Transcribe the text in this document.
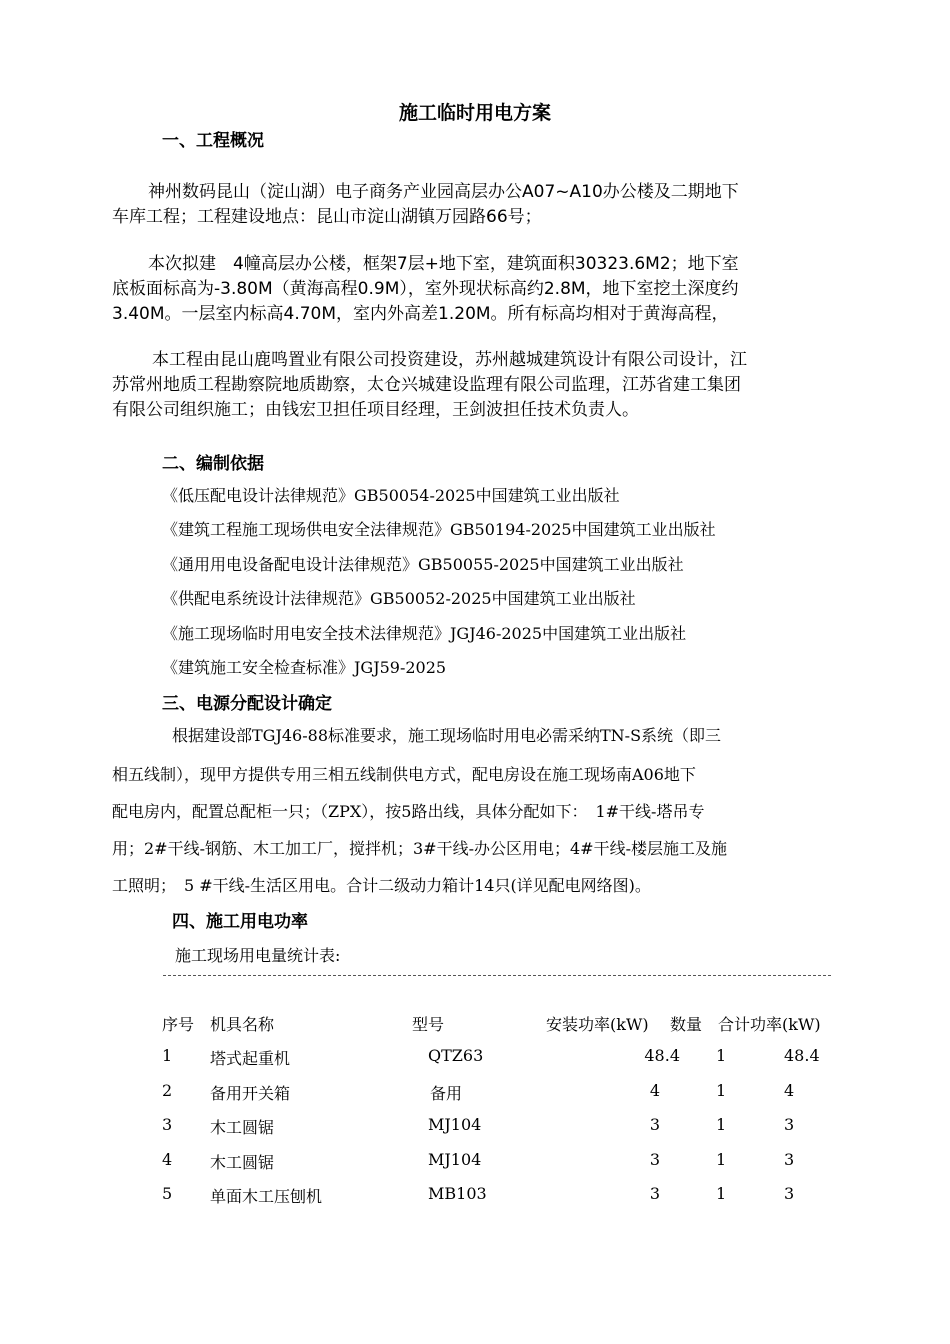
施工临时用电方案
一、工程概况
神州数码昆山（淀山湖）电子商务产业园高层办公A07~A10办公楼及二期地下
车库工程；工程建设地点：昆山市淀山湖镇万园路66号；
本次拟建　4幢高层办公楼，框架7层+地下室，建筑面积30323.6M2；地下室
底板面标高为-3.80M（黄海高程0.9M），室外现状标高约2.8M，地下室挖土深度约
3.40M。一层室内标高4.70M，室内外高差1.20M。所有标高均相对于黄海高程，
本工程由昆山鹿鸣置业有限公司投资建设，苏州越城建筑设计有限公司设计，江
苏常州地质工程勘察院地质勘察，太仓兴城建设监理有限公司监理，江苏省建工集团
有限公司组织施工；由钱宏卫担任项目经理，王剑波担任技术负责人。
二、编制依据
《低压配电设计法律规范》GB50054-2025中国建筑工业出版社
《建筑工程施工现场供电安全法律规范》GB50194-2025中国建筑工业出版社
《通用用电设备配电设计法律规范》GB50055-2025中国建筑工业出版社
《供配电系统设计法律规范》GB50052-2025中国建筑工业出版社
《施工现场临时用电安全技术法律规范》JGJ46-2025中国建筑工业出版社
《建筑施工安全检查标准》JGJ59-2025
三、电源分配设计确定
根据建设部TGJ46-88标准要求，施工现场临时用电必需采纳TN-S系统（即三
相五线制），现甲方提供专用三相五线制供电方式，配电房设在施工现场南A06地下
配电房内，配置总配柜一只；（ZPX），按5路出线，具体分配如下：　1#干线-塔吊专
用；2#干线-钢筋、木工加工厂，搅拌机；3#干线-办公区用电；4#干线-楼层施工及施
工照明；　5 #干线-生活区用电。合计二级动力箱计14只(详见配电网络图)。
四、施工用电功率
施工现场用电量统计表:
序号 机具名称	型号	安装功率(kW) 数量 合计功率(kW)
1 塔式起重机	QTZ63	48.4 1	48.4
2 备用开关箱	备用	4	1	4
3 木工圆锯	MJ104	3	1	3
4 木工圆锯	MJ104	3	1	3
5 单面木工压刨机	MB103	3	1	3
